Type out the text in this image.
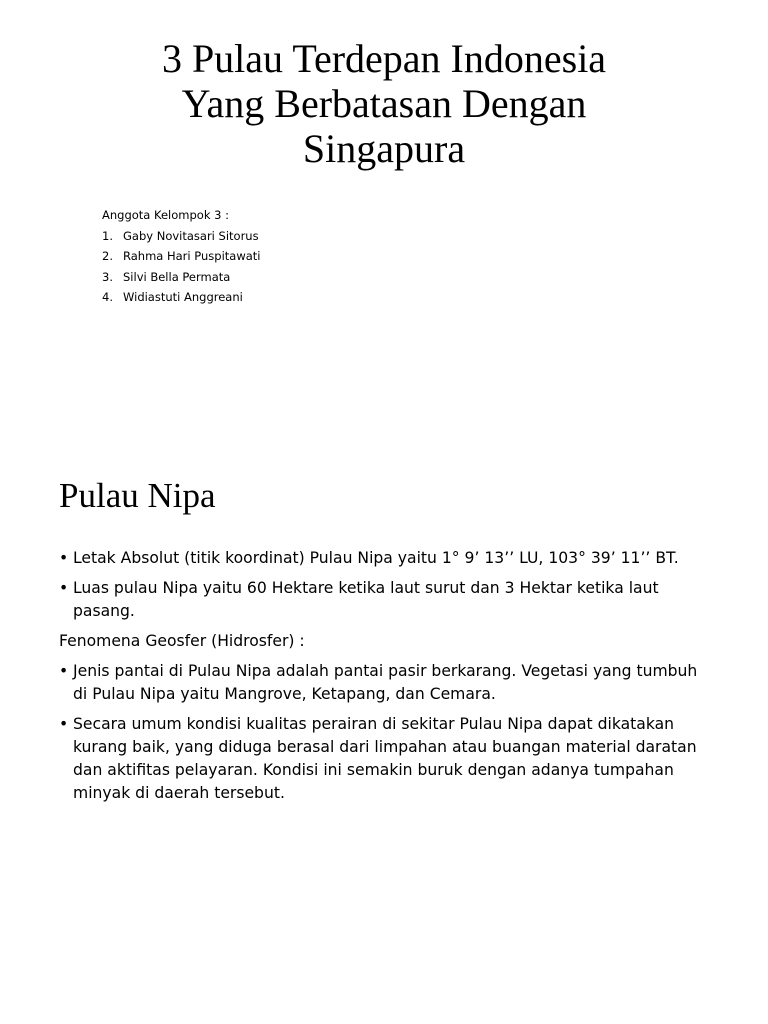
3 Pulau Terdepan Indonesia
Yang Berbatasan Dengan
Singapura
Anggota Kelompok 3 :
1. Gaby Novitasari Sitorus
2. Rahma Hari Puspitawati
3. Silvi Bella Permata
4. Widiastuti Anggreani
Pulau Nipa
• Letak Absolut (titik koordinat) Pulau Nipa yaitu 1° 9’ 13’’ LU, 103° 39’ 11’’ BT.
• Luas pulau Nipa yaitu 60 Hektare ketika laut surut dan 3 Hektar ketika laut pasang.
Fenomena Geosfer (Hidrosfer) :
• Jenis pantai di Pulau Nipa adalah pantai pasir berkarang. Vegetasi yang tumbuh di Pulau Nipa yaitu Mangrove, Ketapang, dan Cemara.
• Secara umum kondisi kualitas perairan di sekitar Pulau Nipa dapat dikatakan kurang baik, yang diduga berasal dari limpahan atau buangan material daratan dan aktifitas pelayaran. Kondisi ini semakin buruk dengan adanya tumpahan minyak di daerah tersebut.
